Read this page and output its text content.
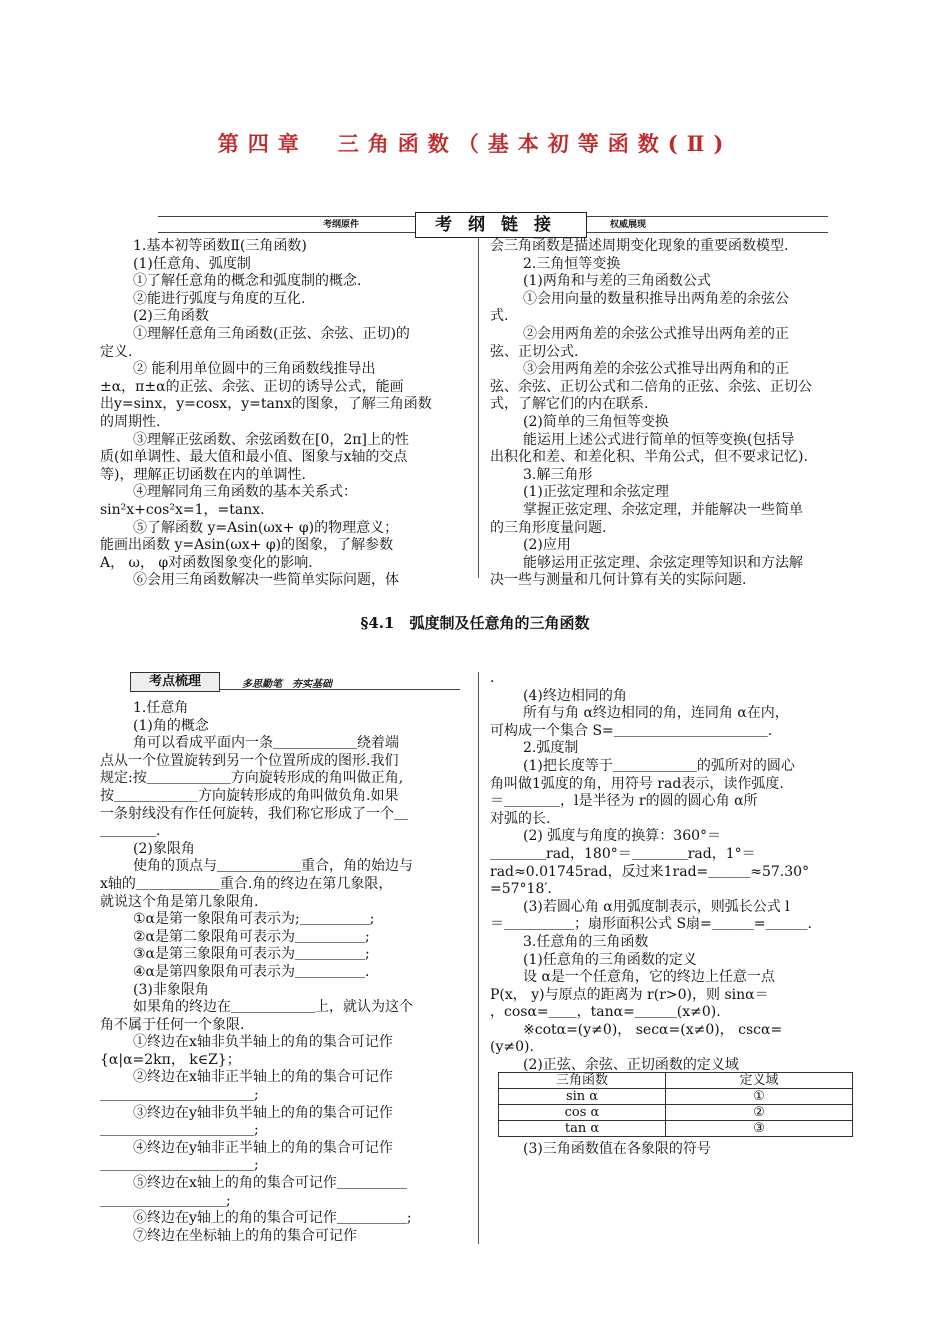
第四章　三角函数（基本初等函数(Ⅱ)
考纲原件	考纲链接	权威展现
1.基本初等函数Ⅱ(三角函数)
(1)任意角、弧度制
①了解任意角的概念和弧度制的概念.
②能进行弧度与角度的互化.
(2)三角函数
①理解任意角三角函数(正弦、余弦、正切)的
定义.
② 能利用单位圆中的三角函数线推导出
±α，π±α的正弦、余弦、正切的诱导公式，能画
出y=sinx，y=cosx，y=tanx的图象，了解三角函数
的周期性.
③理解正弦函数、余弦函数在[0，2π]上的性
质(如单调性、最大值和最小值、图象与x轴的交点
等)，理解正切函数在内的单调性.
④理解同角三角函数的基本关系式：
sin²x+cos²x=1，=tanx.
⑤了解函数 y=Asin(ωx+ φ)的物理意义；
能画出函数 y=Asin(ωx+ φ)的图象，了解参数
A， ω， φ对函数图象变化的影响.
⑥会用三角函数解决一些简单实际问题，体
会三角函数是描述周期变化现象的重要函数模型.
2.三角恒等变换
(1)两角和与差的三角函数公式
①会用向量的数量积推导出两角差的余弦公
式.
②会用两角差的余弦公式推导出两角差的正
弦、正切公式.
③会用两角差的余弦公式推导出两角和的正
弦、余弦、正切公式和二倍角的正弦、余弦、正切公
式，了解它们的内在联系.
(2)简单的三角恒等变换
能运用上述公式进行简单的恒等变换(包括导
出积化和差、和差化积、半角公式，但不要求记忆).
3.解三角形
(1)正弦定理和余弦定理
掌握正弦定理、余弦定理，并能解决一些简单
的三角形度量问题.
(2)应用
能够运用正弦定理、余弦定理等知识和方法解
决一些与测量和几何计算有关的实际问题.
§4.1　弧度制及任意角的三角函数
考点梳理	多思勤笔　夯实基础
1.任意角
(1)角的概念
角可以看成平面内一条＿＿＿＿＿＿绕着端
点从一个位置旋转到另一个位置所成的图形.我们
规定:按＿＿＿＿＿＿方向旋转形成的角叫做正角,
按＿＿＿＿＿＿方向旋转形成的角叫做负角.如果
一条射线没有作任何旋转，我们称它形成了一个＿
＿＿＿＿.
(2)象限角
使角的顶点与＿＿＿＿＿＿重合，角的始边与
x轴的＿＿＿＿＿＿重合.角的终边在第几象限，
就说这个角是第几象限角.
①α是第一象限角可表示为;＿＿＿＿＿;
②α是第二象限角可表示为＿＿＿＿＿;
③α是第三象限角可表示为＿＿＿＿＿;
④α是第四象限角可表示为＿＿＿＿＿.
(3)非象限角
如果角的终边在＿＿＿＿＿＿上，就认为这个
角不属于任何一个象限.
①终边在x轴非负半轴上的角的集合可记作
{α|α=2kπ， k∈Z}；
②终边在x轴非正半轴上的角的集合可记作
＿＿＿＿＿＿＿＿＿＿＿;
③终边在y轴非负半轴上的角的集合可记作
＿＿＿＿＿＿＿＿＿＿＿;
④终边在y轴非正半轴上的角的集合可记作
＿＿＿＿＿＿＿＿＿＿＿;
⑤终边在x轴上的角的集合可记作＿＿＿＿＿
＿＿＿＿＿＿＿＿＿;
⑥终边在y轴上的角的集合可记作＿＿＿＿＿;
⑦终边在坐标轴上的角的集合可记作
.
(4)终边相同的角
所有与角 α终边相同的角，连同角 α在内，
可构成一个集合 S=＿＿＿＿＿＿＿＿＿＿＿.
2.弧度制
(1)把长度等于＿＿＿＿＿＿的弧所对的圆心
角叫做1弧度的角，用符号 rad表示，读作弧度.
＝＿＿＿＿，l是半径为 r的圆的圆心角 α所
对弧的长.
(2) 弧度与角度的换算：360°＝
＿＿＿＿rad，180°＝＿＿＿＿rad，1°＝
rad≈0.01745rad，反过来1rad=＿＿＿≈57.30°
=57°18′.
(3)若圆心角 α用弧度制表示，则弧长公式 l
＝＿＿＿＿＿；扇形面积公式 S扇=＿＿＿=＿＿＿.
3.任意角的三角函数
(1)任意角的三角函数的定义
设 α是一个任意角，它的终边上任意一点
P(x， y)与原点的距离为 r(r>0)，则 sinα＝
，cosα=＿＿，tanα=＿＿＿(x≠0).
※cotα=(y≠0)， secα=(x≠0)， cscα=
(y≠0).
(2)正弦、余弦、正切函数的定义域
三角函数	定义域
sin α	①
cos α	②
tan α	③
(3)三角函数值在各象限的符号
